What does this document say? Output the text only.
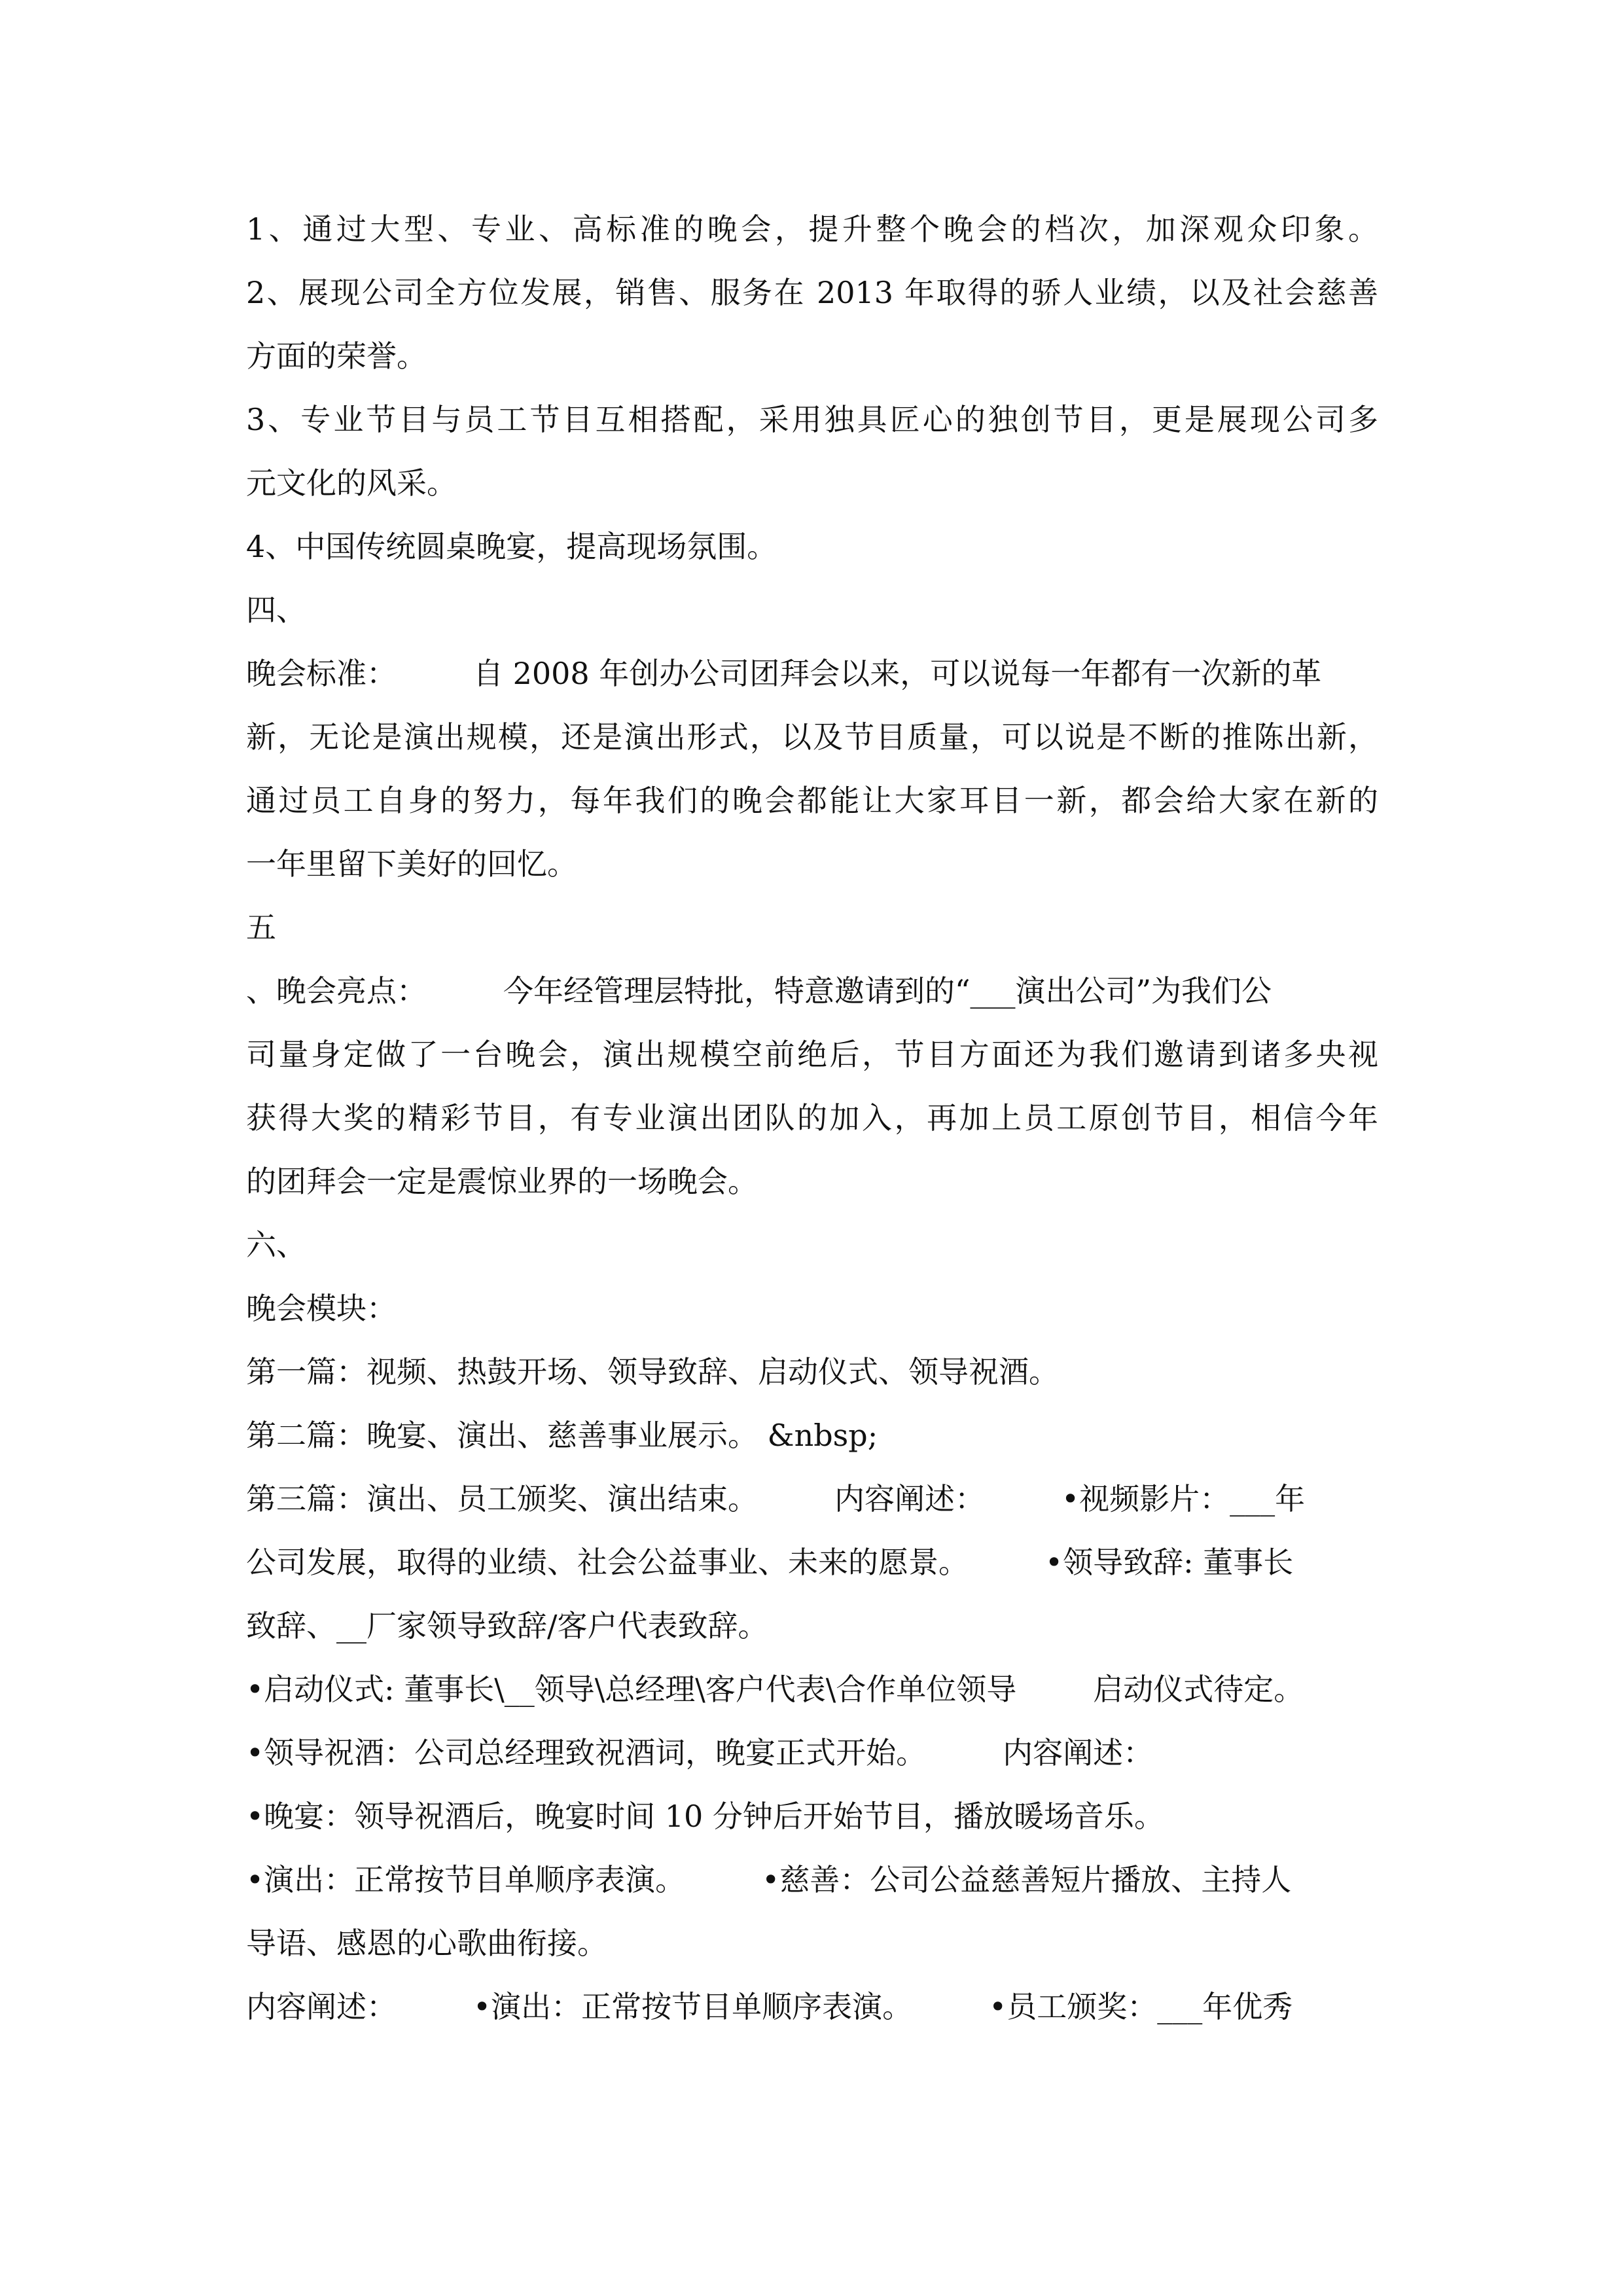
1、通过大型、专业、高标准的晚会，提升整个晚会的档次，加深观众印象。
2、展现公司全方位发展，销售、服务在 2013 年取得的骄人业绩，以及社会慈善
方面的荣誉。
3、专业节目与员工节目互相搭配，采用独具匠心的独创节目，更是展现公司多
元文化的风采。
4、中国传统圆桌晚宴，提高现场氛围。
四、
晚会标准：        自 2008 年创办公司团拜会以来，可以说每一年都有一次新的革
新，无论是演出规模，还是演出形式，以及节目质量，可以说是不断的推陈出新，
通过员工自身的努力，每年我们的晚会都能让大家耳目一新，都会给大家在新的
一年里留下美好的回忆。
五
、晚会亮点：        今年经管理层特批，特意邀请到的“___演出公司”为我们公
司量身定做了一台晚会，演出规模空前绝后，节目方面还为我们邀请到诸多央视
获得大奖的精彩节目，有专业演出团队的加入，再加上员工原创节目，相信今年
的团拜会一定是震惊业界的一场晚会。
六、
晚会模块：
第一篇：视频、热鼓开场、领导致辞、启动仪式、领导祝酒。
第二篇：晚宴、演出、慈善事业展示。 &nbsp;
第三篇：演出、员工颁奖、演出结束。        内容阐述：        •视频影片：___年
公司发展，取得的业绩、社会公益事业、未来的愿景。        •领导致辞: 董事长
致辞、__厂家领导致辞/客户代表致辞。
•启动仪式: 董事长\__领导\总经理\客户代表\合作单位领导        启动仪式待定。
•领导祝酒：公司总经理致祝酒词，晚宴正式开始。        内容阐述：
•晚宴：领导祝酒后，晚宴时间 10 分钟后开始节目，播放暖场音乐。
•演出：正常按节目单顺序表演。        •慈善：公司公益慈善短片播放、主持人
导语、感恩的心歌曲衔接。
内容阐述：        •演出：正常按节目单顺序表演。        •员工颁奖：___年优秀
